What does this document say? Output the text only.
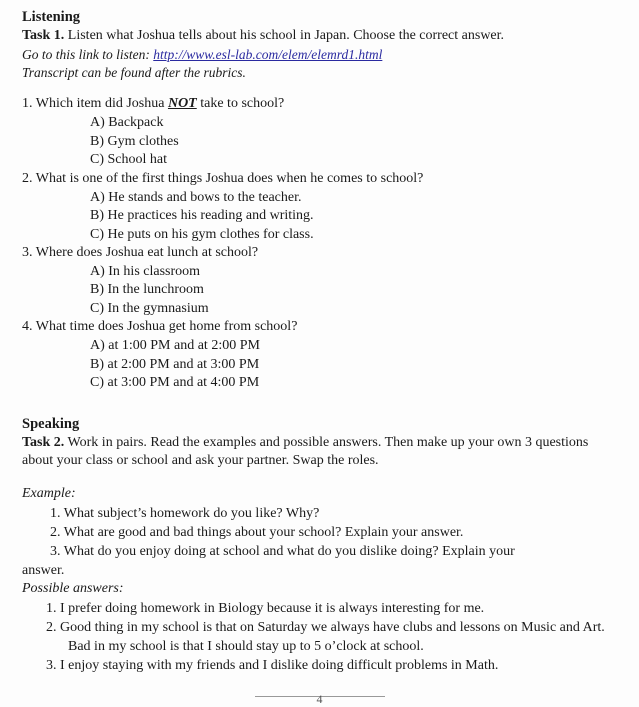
Listening

Task 1. Listen what Joshua tells about his school in Japan. Choose the correct answer.

Go to this link to listen: http://www.esl-lab.com/elem/elemrd1.html

Transcript can be found after the rubrics.

1. Which item did Joshua NOT take to school?

A) Backpack

B) Gym clothes

C) School hat

2. What is one of the first things Joshua does when he comes to school?

A) He stands and bows to the teacher.

B) He practices his reading and writing.

C) He puts on his gym clothes for class.

3. Where does Joshua eat lunch at school?

A) In his classroom

B) In the lunchroom

C) In the gymnasium

4. What time does Joshua get home from school?

A) at 1:00 PM and at 2:00 PM

B) at 2:00 PM and at 3:00 PM

C) at 3:00 PM and at 4:00 PM

Speaking

Task 2. Work in pairs. Read the examples and possible answers. Then make up your own 3 questions about your class or school and ask your partner. Swap the roles.

Example:

1. What subject’s homework do you like? Why?

2. What are good and bad things about your school? Explain your answer.

3. What do you enjoy doing at school and what do you dislike doing? Explain your

answer.

Possible answers:

1. I prefer doing homework in Biology because it is always interesting for me.

2. Good thing in my school is that on Saturday we always have clubs and lessons on Music and Art. Bad in my school is that I should stay up to 5 o’clock at school.

3. I enjoy staying with my friends and I dislike doing difficult problems in Math.

4
